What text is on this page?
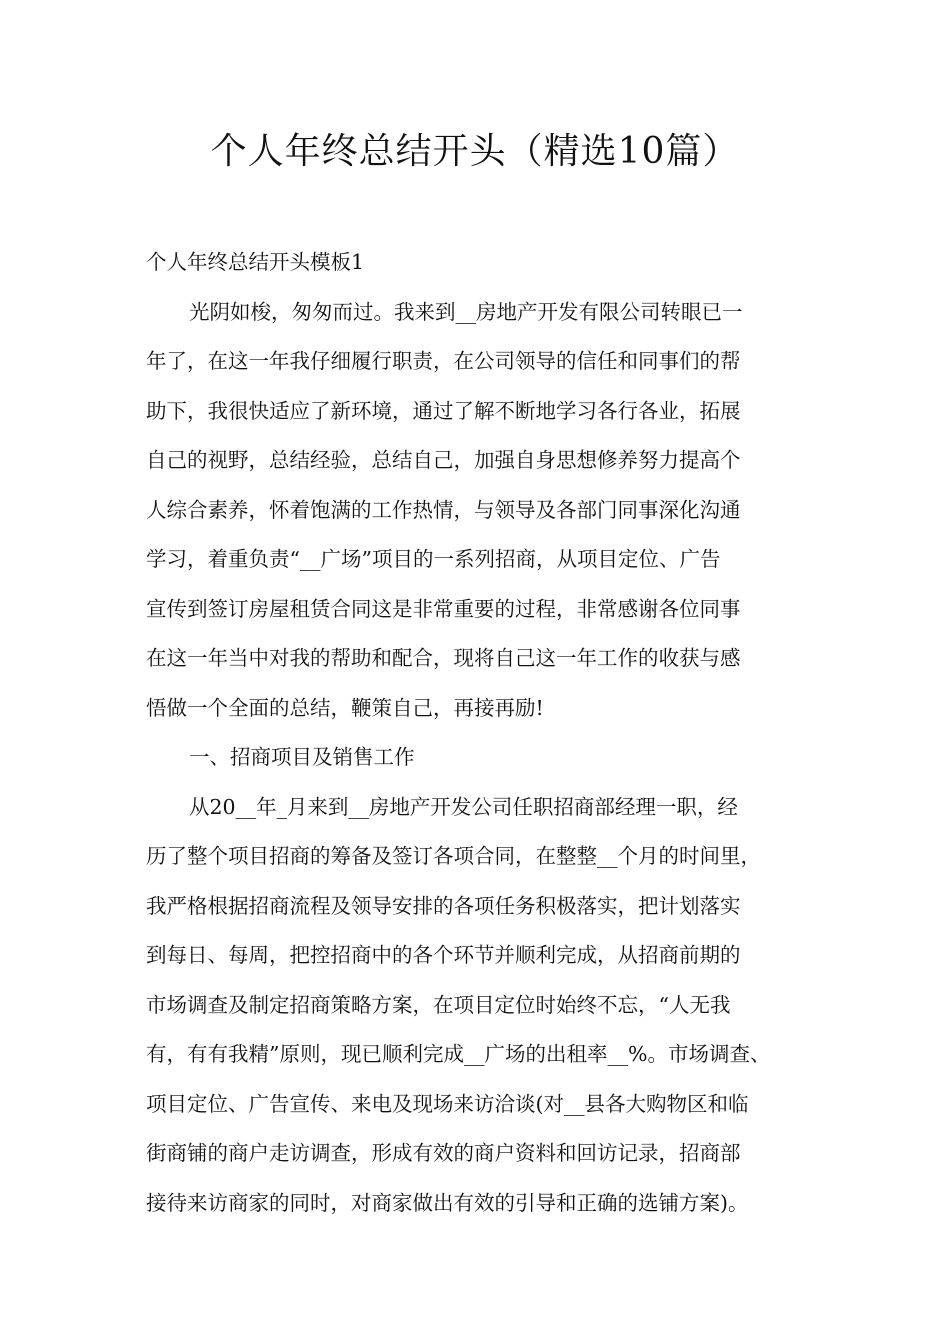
个人年终总结开头（精选10篇）
个人年终总结开头模板1
光阴如梭，匆匆而过。我来到__房地产开发有限公司转眼已一
年了，在这一年我仔细履行职责，在公司领导的信任和同事们的帮
助下，我很快适应了新环境，通过了解不断地学习各行各业，拓展
自己的视野，总结经验，总结自己，加强自身思想修养努力提高个
人综合素养，怀着饱满的工作热情，与领导及各部门同事深化沟通
学习，着重负责“__广场”项目的一系列招商，从项目定位、广告
宣传到签订房屋租赁合同这是非常重要的过程，非常感谢各位同事
在这一年当中对我的帮助和配合，现将自己这一年工作的收获与感
悟做一个全面的总结，鞭策自己，再接再励!
一、招商项目及销售工作
从20__年_月来到__房地产开发公司任职招商部经理一职，经
历了整个项目招商的筹备及签订各项合同，在整整__个月的时间里，
我严格根据招商流程及领导安排的各项任务积极落实，把计划落实
到每日、每周，把控招商中的各个环节并顺利完成，从招商前期的
市场调查及制定招商策略方案，在项目定位时始终不忘，“人无我
有，有有我精”原则，现已顺利完成__广场的出租率__%。市场调查、
项目定位、广告宣传、来电及现场来访洽谈(对__县各大购物区和临
街商铺的商户走访调查，形成有效的商户资料和回访记录，招商部
接待来访商家的同时，对商家做出有效的引导和正确的选铺方案)。
